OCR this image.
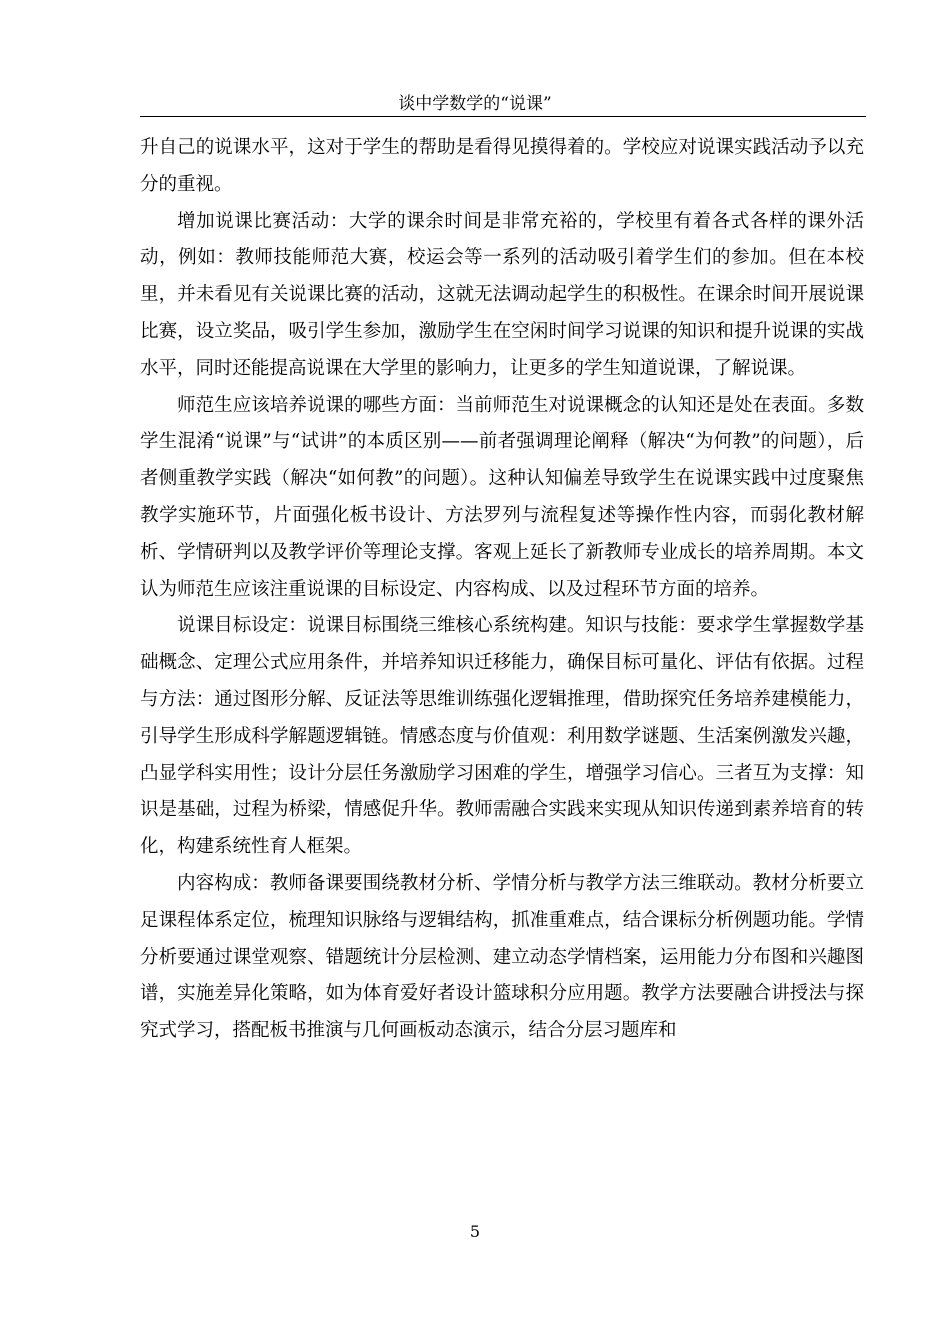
谈中学数学的“说课”

升自己的说课水平，这对于学生的帮助是看得见摸得着的。学校应对说课实践活动予以充分的重视。

增加说课比赛活动：大学的课余时间是非常充裕的，学校里有着各式各样的课外活动，例如：教师技能师范大赛，校运会等一系列的活动吸引着学生们的参加。但在本校里，并未看见有关说课比赛的活动，这就无法调动起学生的积极性。在课余时间开展说课比赛，设立奖品，吸引学生参加，激励学生在空闲时间学习说课的知识和提升说课的实战水平，同时还能提高说课在大学里的影响力，让更多的学生知道说课，了解说课。

师范生应该培养说课的哪些方面：当前师范生对说课概念的认知还是处在表面。多数学生混淆“说课”与“试讲”的本质区别——前者强调理论阐释（解决“为何教”的问题），后者侧重教学实践（解决“如何教”的问题）。这种认知偏差导致学生在说课实践中过度聚焦教学实施环节，片面强化板书设计、方法罗列与流程复述等操作性内容，而弱化教材解析、学情研判以及教学评价等理论支撑。客观上延长了新教师专业成长的培养周期。本文认为师范生应该注重说课的目标设定、内容构成、以及过程环节方面的培养。

说课目标设定：说课目标围绕三维核心系统构建。知识与技能：要求学生掌握数学基础概念、定理公式应用条件，并培养知识迁移能力，确保目标可量化、评估有依据。过程与方法：通过图形分解、反证法等思维训练强化逻辑推理，借助探究任务培养建模能力，引导学生形成科学解题逻辑链。情感态度与价值观：利用数学谜题、生活案例激发兴趣，凸显学科实用性；设计分层任务激励学习困难的学生，增强学习信心。三者互为支撑：知识是基础，过程为桥梁，情感促升华。教师需融合实践来实现从知识传递到素养培育的转化，构建系统性育人框架。

内容构成：教师备课要围绕教材分析、学情分析与教学方法三维联动。教材分析要立足课程体系定位，梳理知识脉络与逻辑结构，抓准重难点，结合课标分析例题功能。学情分析要通过课堂观察、错题统计分层检测、建立动态学情档案，运用能力分布图和兴趣图谱，实施差异化策略，如为体育爱好者设计篮球积分应用题。教学方法要融合讲授法与探究式学习，搭配板书推演与几何画板动态演示，结合分层习题库和

5
